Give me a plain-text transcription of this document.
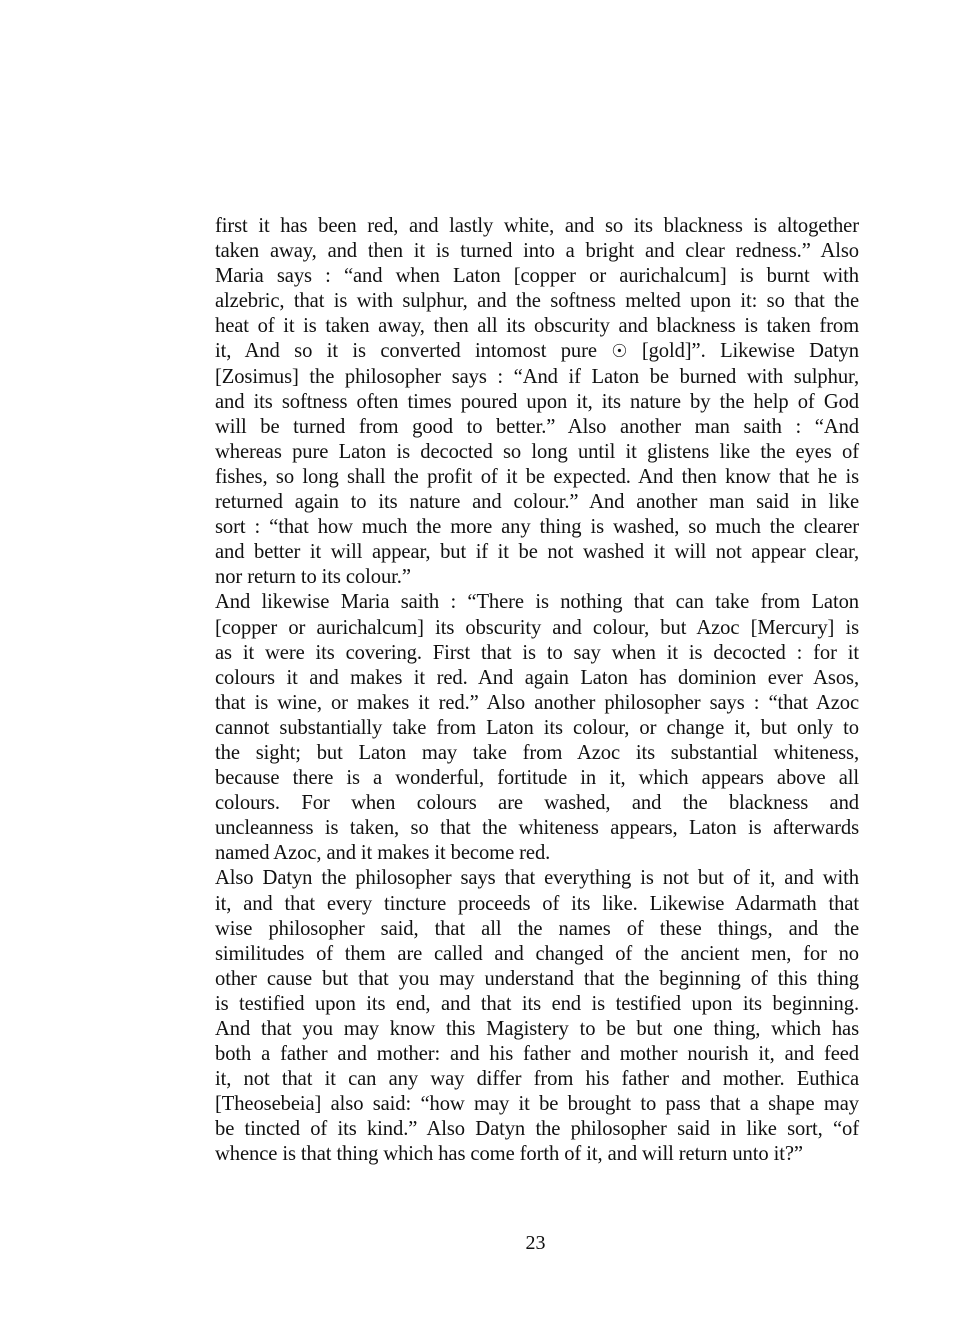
first it has been red, and lastly white, and so its blackness is altogether
taken away, and then it is turned into a bright and clear redness.” Also
Maria says : “and when Laton [copper or aurichalcum] is burnt with
alzebric, that is with sulphur, and the softness melted upon it: so that the
heat of it is taken away, then all its obscurity and blackness is taken from
it, And so it is converted intomost pure ☉ [gold]”. Likewise Datyn
[Zosimus] the philosopher says : “And if Laton be burned with sulphur,
and its softness often times poured upon it, its nature by the help of God
will be turned from good to better.” Also another man saith : “And
whereas pure Laton is decocted so long until it glistens like the eyes of
fishes, so long shall the profit of it be expected. And then know that he is
returned again to its nature and colour.” And another man said in like
sort : “that how much the more any thing is washed, so much the clearer
and better it will appear, but if it be not washed it will not appear clear,
nor return to its colour.”
And likewise Maria saith : “There is nothing that can take from Laton
[copper or aurichalcum] its obscurity and colour, but Azoc [Mercury] is
as it were its covering. First that is to say when it is decocted : for it
colours it and makes it red. And again Laton has dominion ever Asos,
that is wine, or makes it red.” Also another philosopher says : “that Azoc
cannot substantially take from Laton its colour, or change it, but only to
the sight; but Laton may take from Azoc its substantial whiteness,
because there is a wonderful, fortitude in it, which appears above all
colours. For when colours are washed, and the blackness and
uncleanness is taken, so that the whiteness appears, Laton is afterwards
named Azoc, and it makes it become red.
Also Datyn the philosopher says that everything is not but of it, and with
it, and that every tincture proceeds of its like. Likewise Adarmath that
wise philosopher said, that all the names of these things, and the
similitudes of them are called and changed of the ancient men, for no
other cause but that you may understand that the beginning of this thing
is testified upon its end, and that its end is testified upon its beginning.
And that you may know this Magistery to be but one thing, which has
both a father and mother: and his father and mother nourish it, and feed
it, not that it can any way differ from his father and mother. Euthica
[Theosebeia] also said: “how may it be brought to pass that a shape may
be tincted of its kind.” Also Datyn the philosopher said in like sort, “of
whence is that thing which has come forth of it, and will return unto it?”
23
